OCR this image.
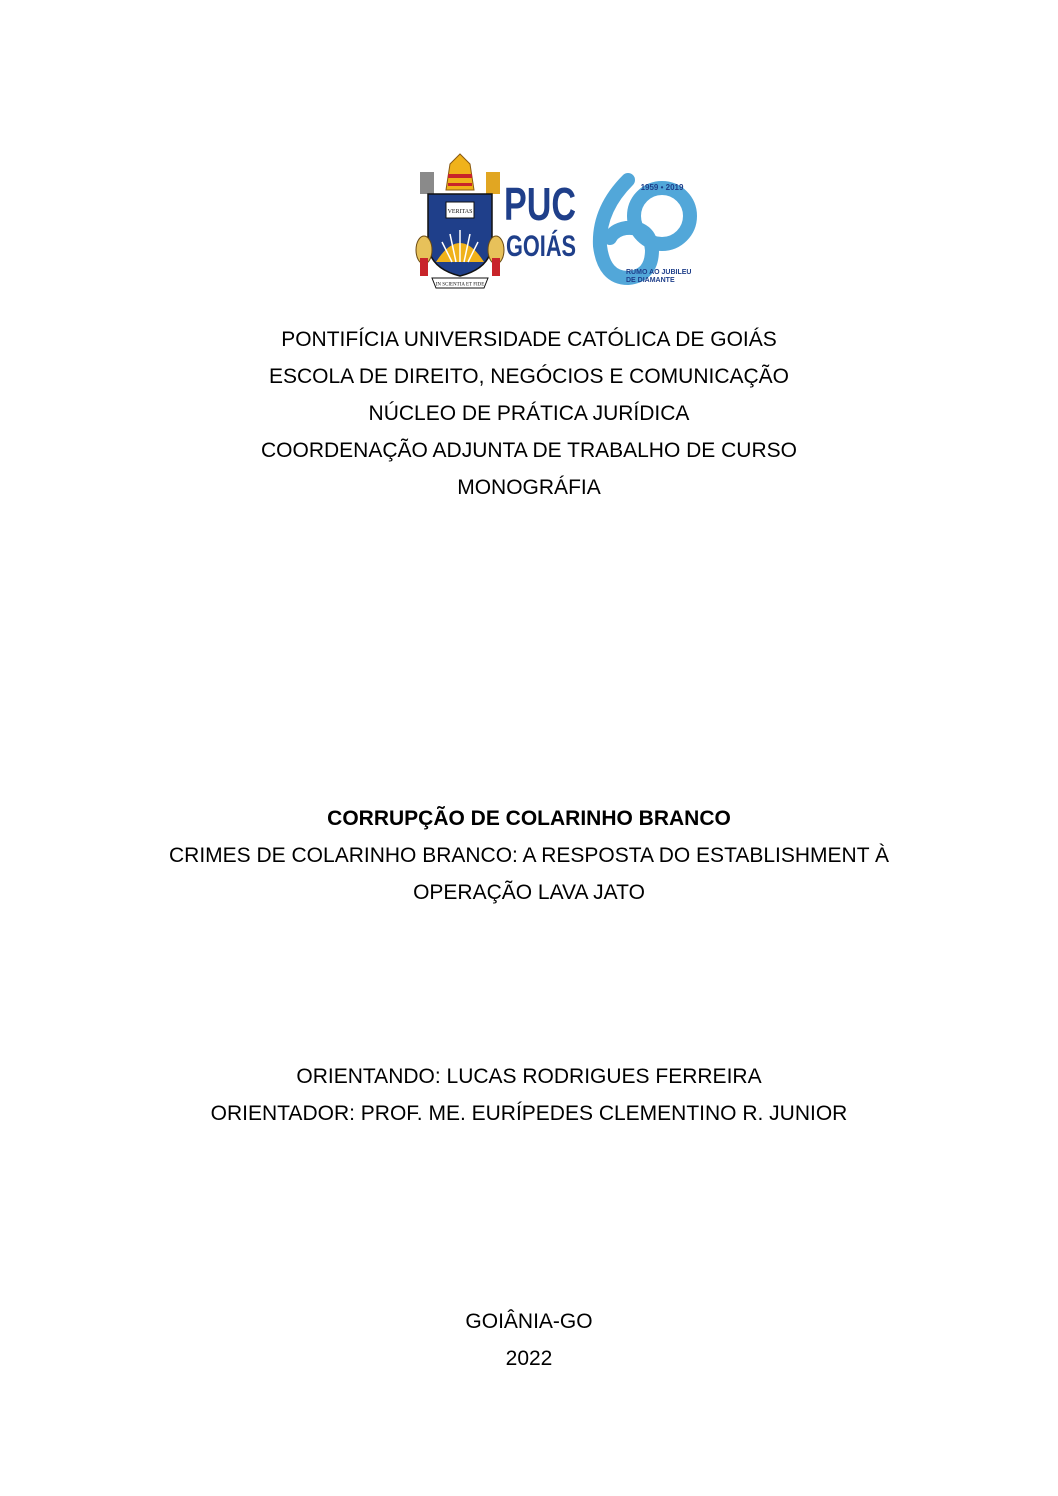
VERITAS
IN SCIENTIA ET FIDE
PUC
GOIÁS
1959 • 2019
RUMO AO JUBILEU
DE DIAMANTE
PONTIFÍCIA UNIVERSIDADE CATÓLICA DE GOIÁS
ESCOLA DE DIREITO, NEGÓCIOS E COMUNICAÇÃO
NÚCLEO DE PRÁTICA JURÍDICA
COORDENAÇÃO ADJUNTA DE TRABALHO DE CURSO
MONOGRÁFIA
CORRUPÇÃO DE COLARINHO BRANCO
CRIMES DE COLARINHO BRANCO: A RESPOSTA DO ESTABLISHMENT À
OPERAÇÃO LAVA JATO
ORIENTANDO: LUCAS RODRIGUES FERREIRA
ORIENTADOR: PROF. ME. EURÍPEDES CLEMENTINO R. JUNIOR
GOIÂNIA-GO
2022
